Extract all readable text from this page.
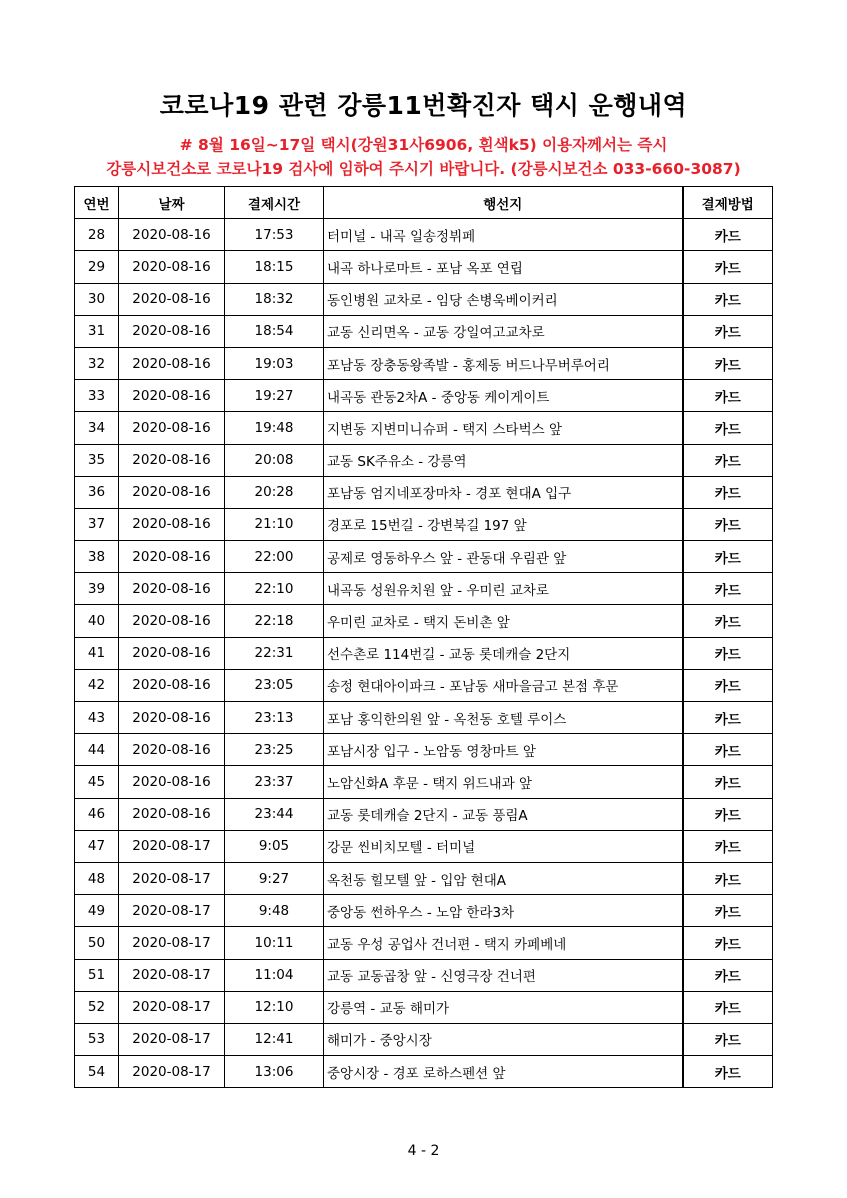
코로나19 관련 강릉11번확진자 택시 운행내역
# 8월 16일~17일 택시(강원31사6906, 흰색k5) 이용자께서는 즉시
강릉시보건소로 코로나19 검사에 임하여 주시기 바랍니다. (강릉시보건소 033-660-3087)
연번	날짜	결제시간	행선지	결제방법
28	2020-08-16	17:53	터미널 - 내곡 일송정뷔페	카드
29	2020-08-16	18:15	내곡 하나로마트 - 포남 옥포 연립	카드
30	2020-08-16	18:32	동인병원 교차로 - 임당 손병욱베이커리	카드
31	2020-08-16	18:54	교동 신리면옥 - 교동 강일여고교차로	카드
32	2020-08-16	19:03	포남동 장충동왕족발 - 홍제동 버드나무버루어리	카드
33	2020-08-16	19:27	내곡동 관동2차A - 중앙동 케이게이트	카드
34	2020-08-16	19:48	지변동 지변미니슈퍼 - 택지 스타벅스 앞	카드
35	2020-08-16	20:08	교동 SK주유소 - 강릉역	카드
36	2020-08-16	20:28	포남동 엄지네포장마차 - 경포 현대A 입구	카드
37	2020-08-16	21:10	경포로 15번길 - 강변북길 197 앞	카드
38	2020-08-16	22:00	공제로 영동하우스 앞 - 관동대 우림관 앞	카드
39	2020-08-16	22:10	내곡동 성원유치원 앞 - 우미린 교차로	카드
40	2020-08-16	22:18	우미린 교차로 - 택지 돈비촌 앞	카드
41	2020-08-16	22:31	선수촌로 114번길 - 교동 롯데캐슬 2단지	카드
42	2020-08-16	23:05	송정 현대아이파크 - 포남동 새마을금고 본점 후문	카드
43	2020-08-16	23:13	포남 홍익한의원 앞 - 옥천동 호텔 루이스	카드
44	2020-08-16	23:25	포남시장 입구 - 노암동 영창마트 앞	카드
45	2020-08-16	23:37	노암신화A 후문 - 택지 위드내과 앞	카드
46	2020-08-16	23:44	교동 롯데캐슬 2단지 - 교동 풍림A	카드
47	2020-08-17	9:05	강문 씬비치모텔 - 터미널	카드
48	2020-08-17	9:27	옥천동 힐모텔 앞 - 입암 현대A	카드
49	2020-08-17	9:48	중앙동 썬하우스 - 노암 한라3차	카드
50	2020-08-17	10:11	교동 우성 공업사 건너편 - 택지 카페베네	카드
51	2020-08-17	11:04	교동 교동곱창 앞 - 신영극장 건너편	카드
52	2020-08-17	12:10	강릉역 - 교동 해미가	카드
53	2020-08-17	12:41	해미가 - 중앙시장	카드
54	2020-08-17	13:06	중앙시장 - 경포 로하스펜션 앞	카드
4 - 2
